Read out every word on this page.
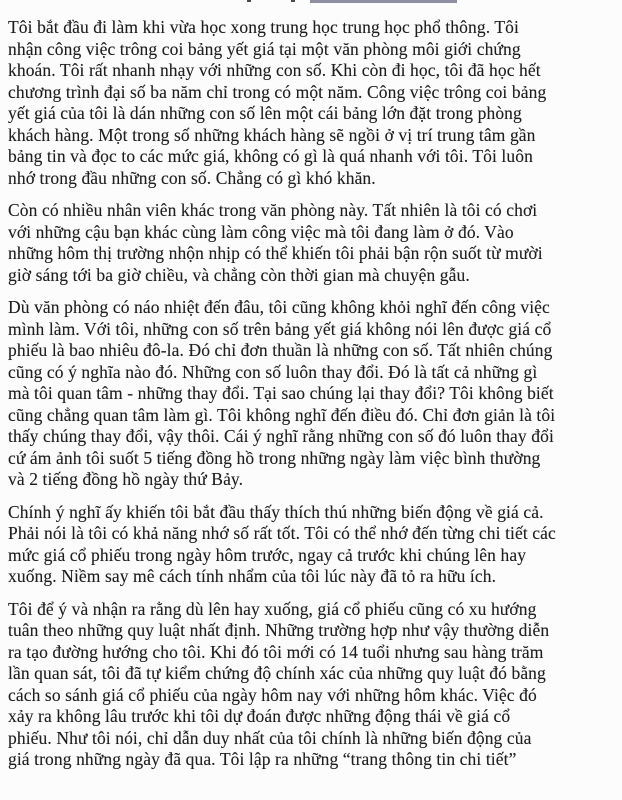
Tôi bắt đầu đi làm khi vừa học xong trung học trung học phổ thông. Tôi
nhận công việc trông coi bảng yết giá tại một văn phòng môi giới chứng
khoán. Tôi rất nhanh nhạy với những con số. Khi còn đi học, tôi đã học hết
chương trình đại số ba năm chỉ trong có một năm. Công việc trông coi bảng
yết giá của tôi là dán những con số lên một cái bảng lớn đặt trong phòng
khách hàng. Một trong số những khách hàng sẽ ngồi ở vị trí trung tâm gần
bảng tin và đọc to các mức giá, không có gì là quá nhanh với tôi. Tôi luôn
nhớ trong đầu những con số. Chẳng có gì khó khăn.

Còn có nhiều nhân viên khác trong văn phòng này. Tất nhiên là tôi có chơi
với những cậu bạn khác cùng làm công việc mà tôi đang làm ở đó. Vào
những hôm thị trường nhộn nhịp có thể khiến tôi phải bận rộn suốt từ mười
giờ sáng tới ba giờ chiều, và chẳng còn thời gian mà chuyện gẫu.

Dù văn phòng có náo nhiệt đến đâu, tôi cũng không khỏi nghĩ đến công việc
mình làm. Với tôi, những con số trên bảng yết giá không nói lên được giá cổ
phiếu là bao nhiêu đô-la. Đó chỉ đơn thuần là những con số. Tất nhiên chúng
cũng có ý nghĩa nào đó. Những con số luôn thay đổi. Đó là tất cả những gì
mà tôi quan tâm - những thay đổi. Tại sao chúng lại thay đổi? Tôi không biết
cũng chẳng quan tâm làm gì. Tôi không nghĩ đến điều đó. Chỉ đơn giản là tôi
thấy chúng thay đổi, vậy thôi. Cái ý nghĩ rằng những con số đó luôn thay đổi
cứ ám ảnh tôi suốt 5 tiếng đồng hồ trong những ngày làm việc bình thường
và 2 tiếng đồng hồ ngày thứ Bảy.

Chính ý nghĩ ấy khiến tôi bắt đầu thấy thích thú những biến động về giá cả.
Phải nói là tôi có khả năng nhớ số rất tốt. Tôi có thể nhớ đến từng chi tiết các
mức giá cổ phiếu trong ngày hôm trước, ngay cả trước khi chúng lên hay
xuống. Niềm say mê cách tính nhẩm của tôi lúc này đã tỏ ra hữu ích.

Tôi để ý và nhận ra rằng dù lên hay xuống, giá cổ phiếu cũng có xu hướng
tuân theo những quy luật nhất định. Những trường hợp như vậy thường diễn
ra tạo đường hướng cho tôi. Khi đó tôi mới có 14 tuổi nhưng sau hàng trăm
lần quan sát, tôi đã tự kiểm chứng độ chính xác của những quy luật đó bằng
cách so sánh giá cổ phiếu của ngày hôm nay với những hôm khác. Việc đó
xảy ra không lâu trước khi tôi dự đoán được những động thái về giá cổ
phiếu. Như tôi nói, chỉ dẫn duy nhất của tôi chính là những biến động của
giá trong những ngày đã qua. Tôi lập ra những “trang thông tin chi tiết”
